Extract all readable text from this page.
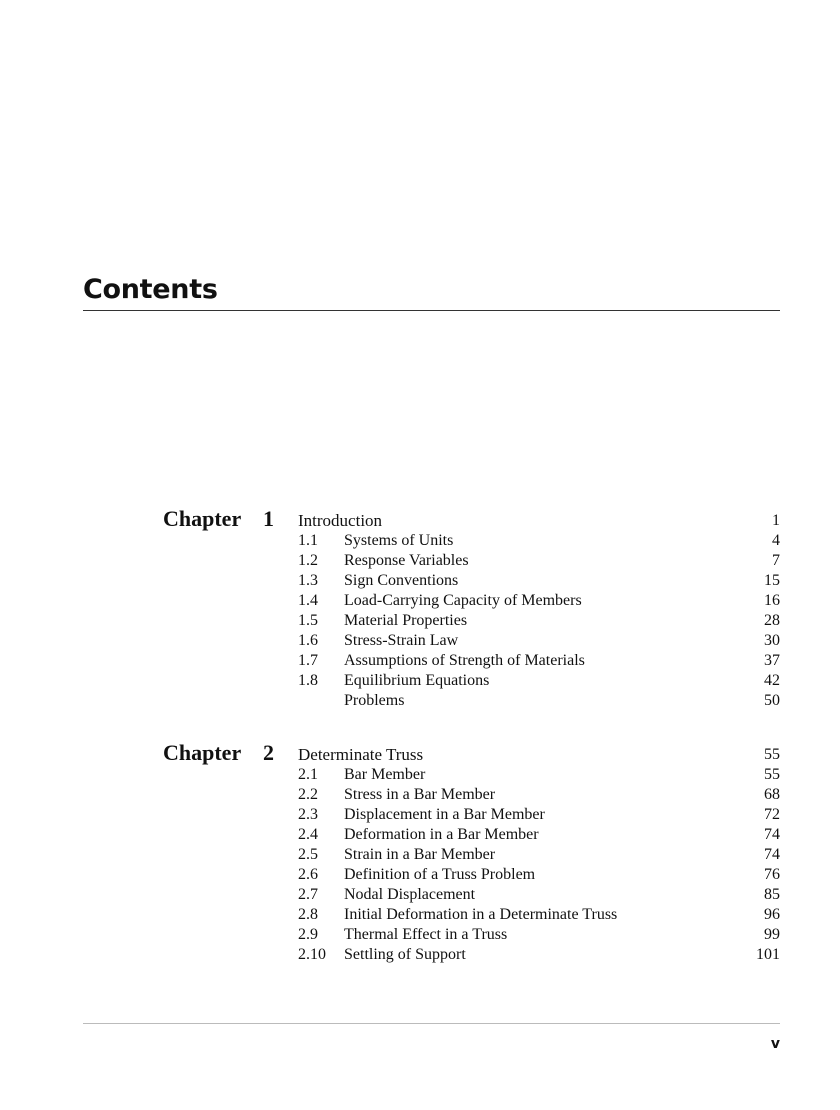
Contents
Chapter 1 Introduction	1
1.1 Systems of Units	4
1.2 Response Variables	7
1.3 Sign Conventions	15
1.4 Load-Carrying Capacity of Members	16
1.5 Material Properties	28
1.6 Stress-Strain Law	30
1.7 Assumptions of Strength of Materials	37
1.8 Equilibrium Equations	42
Problems	50
Chapter 2 Determinate Truss	55
2.1 Bar Member	55
2.2 Stress in a Bar Member	68
2.3 Displacement in a Bar Member	72
2.4 Deformation in a Bar Member	74
2.5 Strain in a Bar Member	74
2.6 Definition of a Truss Problem	76
2.7 Nodal Displacement	85
2.8 Initial Deformation in a Determinate Truss	96
2.9 Thermal Effect in a Truss	99
2.10 Settling of Support	101
v
